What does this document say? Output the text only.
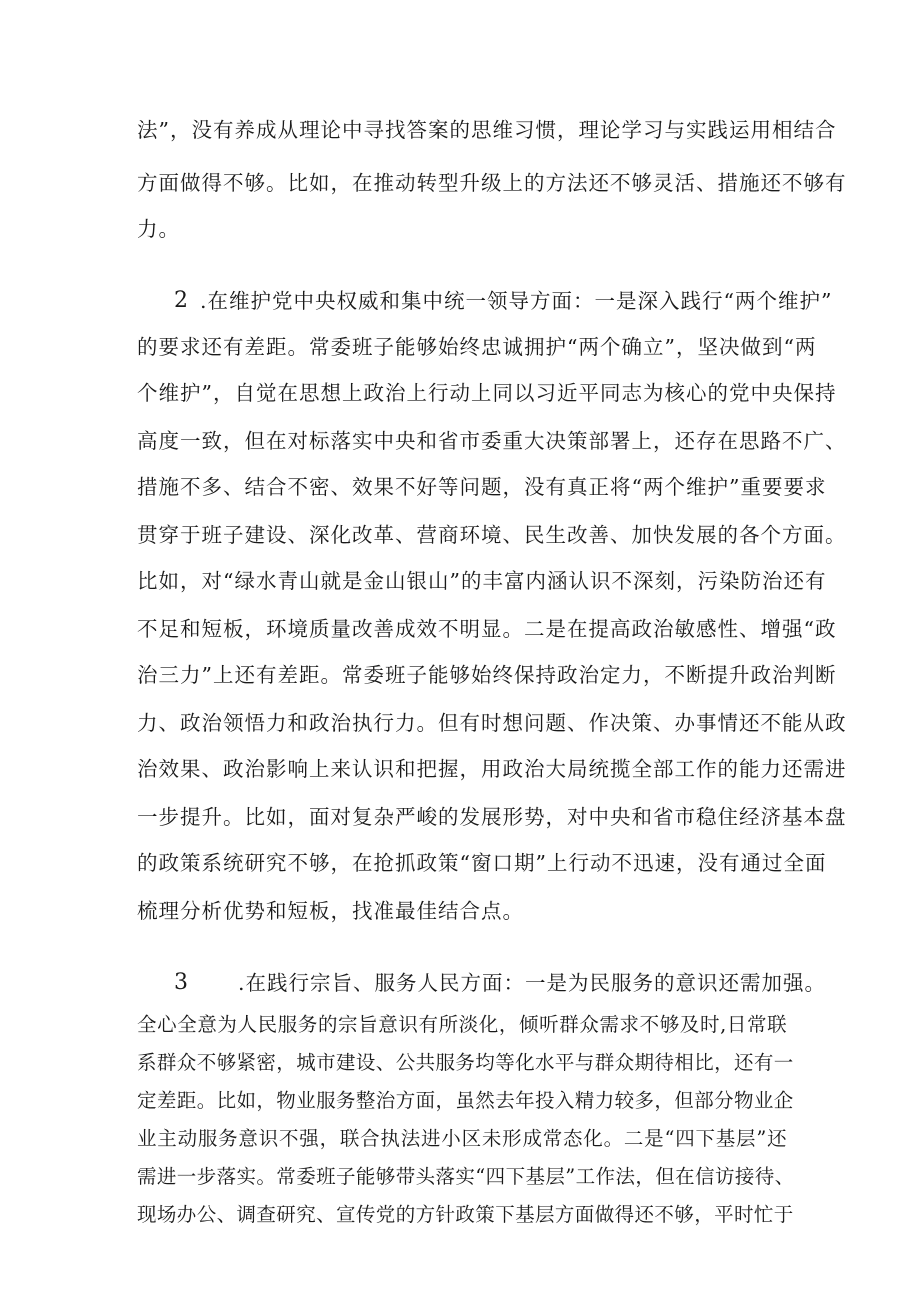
法”，没有养成从理论中寻找答案的思维习惯，理论学习与实践运用相结合
方面做得不够。比如，在推动转型升级上的方法还不够灵活、措施还不够有
力。
2 .在维护党中央权威和集中统一领导方面：一是深入践行“两个维护”
的要求还有差距。常委班子能够始终忠诚拥护“两个确立”，坚决做到“两
个维护”，自觉在思想上政治上行动上同以习近平同志为核心的党中央保持
高度一致，但在对标落实中央和省市委重大决策部署上，还存在思路不广、
措施不多、结合不密、效果不好等问题，没有真正将“两个维护”重要要求
贯穿于班子建设、深化改革、营商环境、民生改善、加快发展的各个方面。
比如，对“绿水青山就是金山银山”的丰富内涵认识不深刻，污染防治还有
不足和短板，环境质量改善成效不明显。二是在提高政治敏感性、增强“政
治三力”上还有差距。常委班子能够始终保持政治定力，不断提升政治判断
力、政治领悟力和政治执行力。但有时想问题、作决策、办事情还不能从政
治效果、政治影响上来认识和把握，用政治大局统揽全部工作的能力还需进
一步提升。比如，面对复杂严峻的发展形势，对中央和省市稳住经济基本盘
的政策系统研究不够，在抢抓政策“窗口期”上行动不迅速，没有通过全面
梳理分析优势和短板，找准最佳结合点。
3 .在践行宗旨、服务人民方面：一是为民服务的意识还需加强。
全心全意为人民服务的宗旨意识有所淡化，倾听群众需求不够及时,日常联
系群众不够紧密，城市建设、公共服务均等化水平与群众期待相比，还有一
定差距。比如，物业服务整治方面，虽然去年投入精力较多，但部分物业企
业主动服务意识不强，联合执法进小区未形成常态化。二是“四下基层”还
需进一步落实。常委班子能够带头落实“四下基层”工作法，但在信访接待、
现场办公、调查研究、宣传党的方针政策下基层方面做得还不够，平时忙于
